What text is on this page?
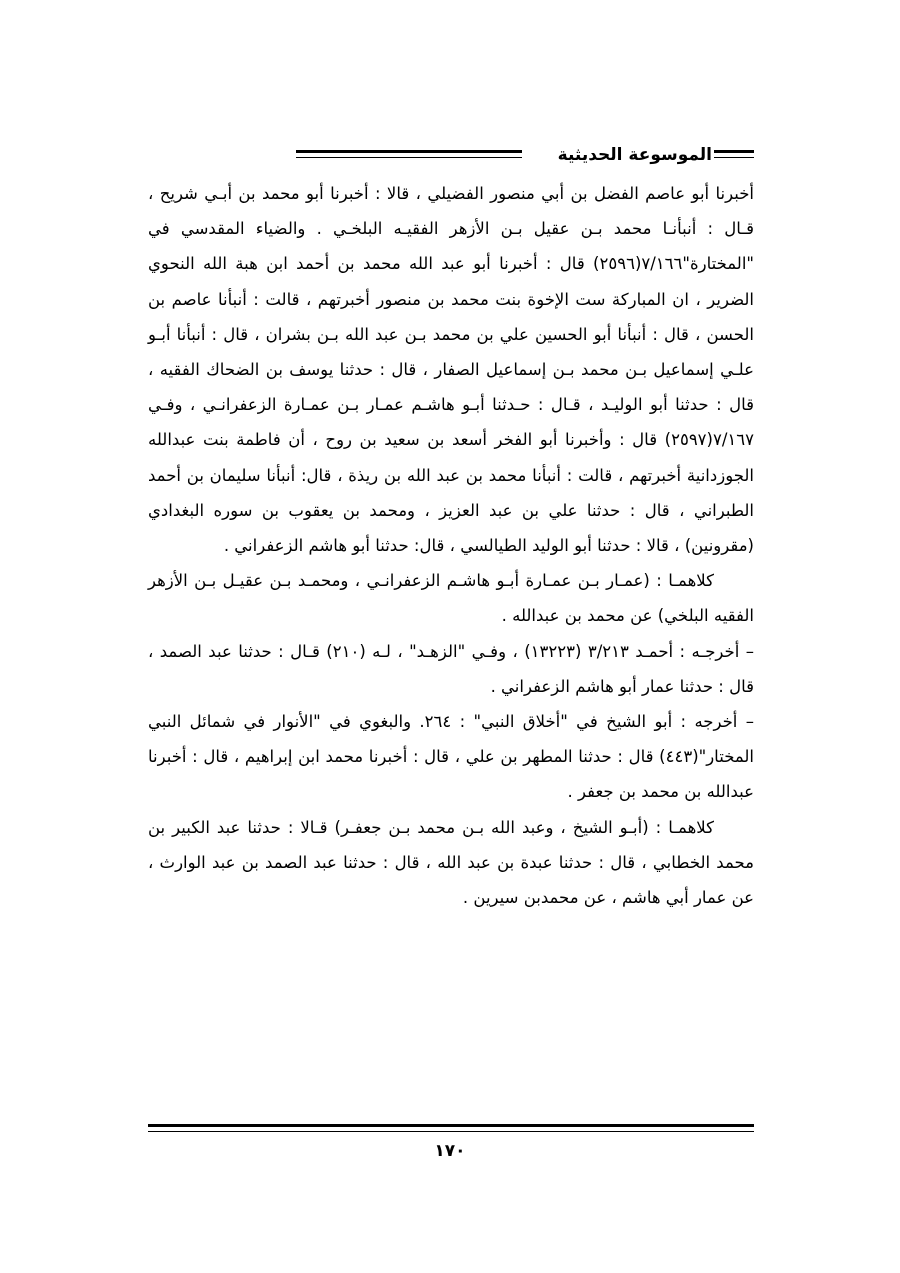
الموسوعة الحديثية

أخبرنا أبو عاصم الفضل بن أبي منصور الفضيلي ، قالا : أخبرنا أبو محمد بن أبـي شريح ، قـال : أنبأنـا محمد بـن عقيل بـن الأزهر الفقيـه البلخـي . والضياء المقدسي في "المختارة"٧/١٦٦(٢٥٩٦) قال : أخبرنا أبو عبد الله محمد بن أحمد ابن هبة الله النحوي الضرير ، ان المباركة ست الإخوة بنت محمد بن منصور أخبرتهم ، قالت : أنبأنا عاصم بن الحسن ، قال : أنبأنا أبو الحسين علي بن محمد بـن عبد الله بـن بشران ، قال : أنبأنا أبـو علـي إسماعيل بـن محمد بـن إسماعيل الصفار ، قال : حدثنا يوسف بن الضحاك الفقيه ، قال : حدثنا أبو الوليـد ، قـال : حـدثنا أبـو هاشـم عمـار بـن عمـارة الزعفرانـي ، وفـي ٧/١٦٧(٢٥٩٧) قال : وأخبرنا أبو الفخر أسعد بن سعيد بن روح ، أن فاطمة بنت عبدالله الجوزدانية أخبرتهم ، قالت : أنبأنا محمد بن عبد الله بن ريذة ، قال: أنبأنا سليمان بن أحمد الطبراني ، قال : حدثنا علي بن عبد العزيز ، ومحمد بن يعقوب بن سوره البغدادي (مقرونين) ، قالا : حدثنا أبو الوليد الطيالسي ، قال: حدثنا أبو هاشم الزعفراني .

كلاهمـا : (عمـار بـن عمـارة أبـو هاشـم الزعفرانـي ، ومحمـد بـن عقيـل بـن الأزهر الفقيه البلخي) عن محمد بن عبدالله .

– أخرجـه : أحمـد ٣/٢١٣ (١٣٢٢٣) ، وفـي "الزهـد" ، لـه (٢١٠) قـال : حدثنا عبد الصمد ، قال : حدثنا عمار أبو هاشم الزعفراني .

– أخرجه : أبو الشيخ في "أخلاق النبي" : ٢٦٤. والبغوي في "الأنوار في شمائل النبي المختار"(٤٤٣) قال : حدثنا المطهر بن علي ، قال : أخبرنا محمد ابن إبراهيم ، قال : أخبرنا عبدالله بن محمد بن جعفر .

كلاهمـا : (أبـو الشيخ ، وعبد الله بـن محمد بـن جعفـر) قـالا : حدثنا عبد الكبير بن محمد الخطابي ، قال : حدثنا عبدة بن عبد الله ، قال : حدثنا عبد الصمد بن عبد الوارث ، عن عمار أبي هاشم ، عن محمدبن سيرين .

١٧٠
